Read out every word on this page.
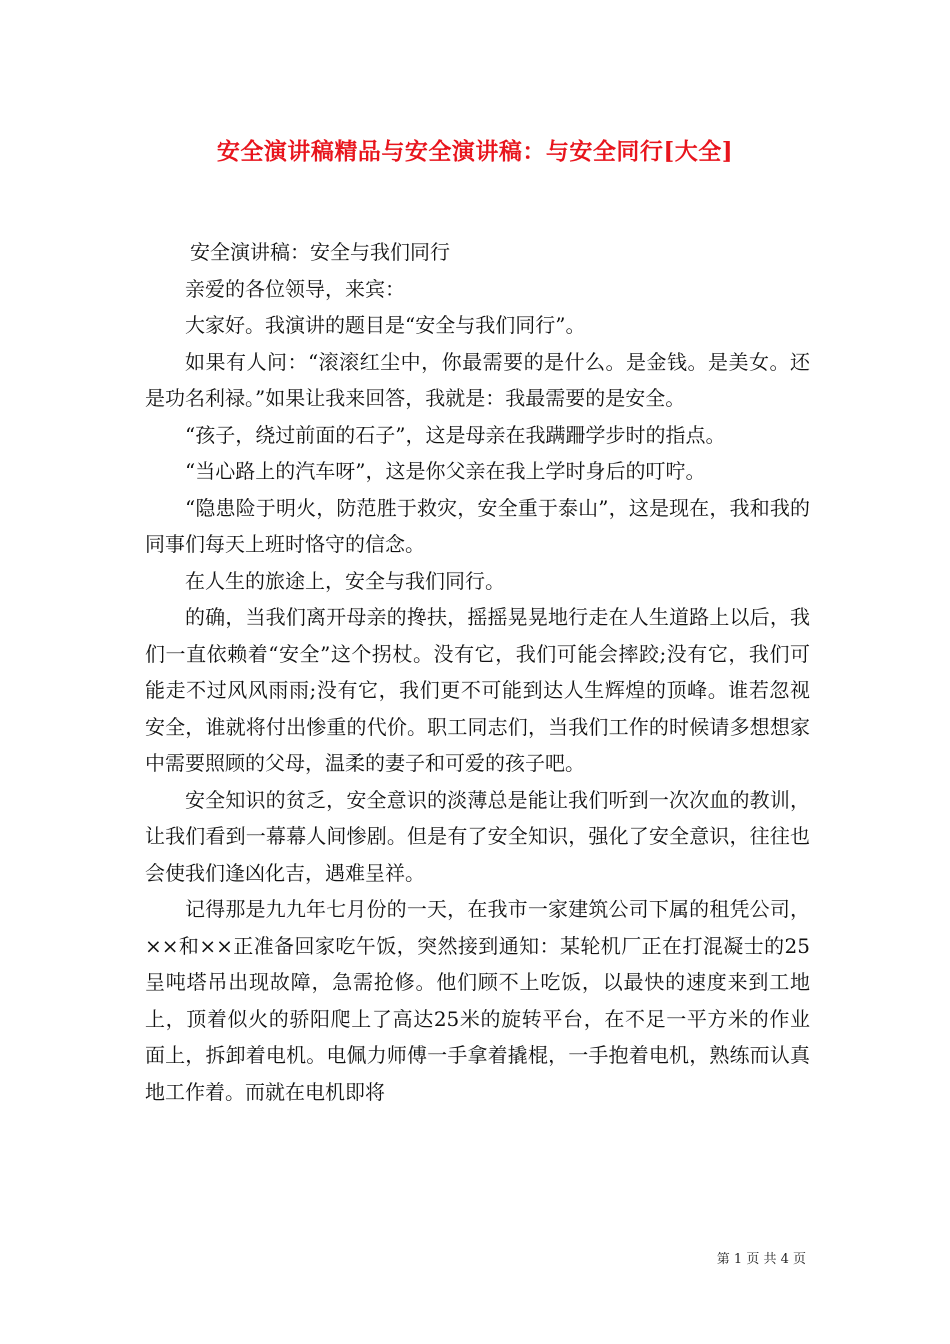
安全演讲稿精品与安全演讲稿：与安全同行[大全]

安全演讲稿：安全与我们同行

亲爱的各位领导，来宾：

大家好。我演讲的题目是“安全与我们同行”。

如果有人问：“滚滚红尘中，你最需要的是什么。是金钱。是美女。还是功名利禄。”如果让我来回答，我就是：我最需要的是安全。

“孩子，绕过前面的石子”，这是母亲在我蹒跚学步时的指点。

“当心路上的汽车呀”，这是你父亲在我上学时身后的叮咛。

“隐患险于明火，防范胜于救灾，安全重于泰山”，这是现在，我和我的同事们每天上班时恪守的信念。

在人生的旅途上，安全与我们同行。

的确，当我们离开母亲的搀扶，摇摇晃晃地行走在人生道路上以后，我们一直依赖着“安全”这个拐杖。没有它，我们可能会摔跤;没有它，我们可能走不过风风雨雨;没有它，我们更不可能到达人生辉煌的顶峰。谁若忽视安全，谁就将付出惨重的代价。职工同志们，当我们工作的时候请多想想家中需要照顾的父母，温柔的妻子和可爱的孩子吧。

安全知识的贫乏，安全意识的淡薄总是能让我们听到一次次血的教训，让我们看到一幕幕人间惨剧。但是有了安全知识，强化了安全意识，往往也会使我们逢凶化吉，遇难呈祥。

记得那是九九年七月份的一天，在我市一家建筑公司下属的租凭公司，××和××正准备回家吃午饭，突然接到通知：某轮机厂正在打混凝士的25呈吨塔吊出现故障，急需抢修。他们顾不上吃饭，以最快的速度来到工地上，顶着似火的骄阳爬上了高达25米的旋转平台，在不足一平方米的作业面上，拆卸着电机。电佩力师傅一手拿着撬棍，一手抱着电机，熟练而认真地工作着。而就在电机即将

第 1 页 共 4 页
